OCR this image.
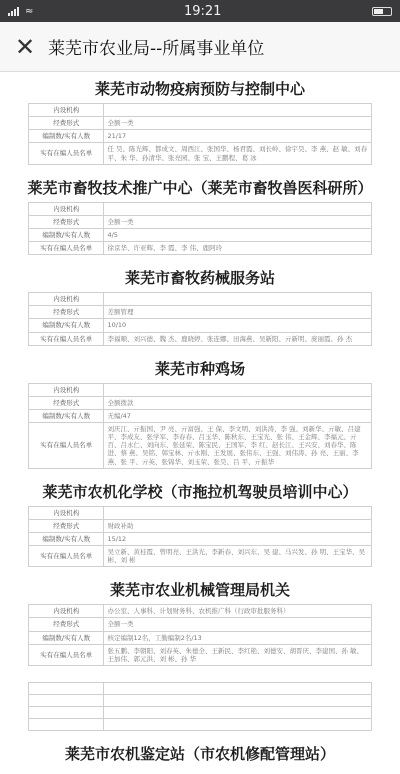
≈	19:21
✕ 莱芜市农业局--所属事业单位
莱芜市动物疫病预防与控制中心
内设机构	
经费形式	全额一类
编制数/实有人数	21/17
实有在编人员名单	任 昊、陈光辉、都成文、周西江、张国华、杨君霞、刘长岭、徐宇昊、李 燕、赵 敏、刘春平、朱 华、孙清华、张亮园、张 宝、王鹏程、葛 冰
莱芜市畜牧技术推广中心（莱芜市畜牧兽医科研所）
内设机构	
经费形式	全额一类
编制数/实有人数	4/5
实有在编人员名单	徐京华、许亚辉、李 霞、李 伟、鹿阿玲
莱芜市畜牧药械服务站
内设机构	
经费形式	差额管理
编制数/实有人数	10/10
实有在编人员名单	李福顺、刘兴德、魏 杰、鹿晓婷、张连娜、田海燕、吴新阳、亓新明、庞丽霞、孙 杰
莱芜市种鸡场
内设机构	
经费形式	全额拨款
编制数/实有人数	无编/47
实有在编人员名单	刘庆江、亓振国、尹 亮、亓富强、王 保、李文明、刘洪涛、李 强、刘新华、亓敏、吕建平、李成友、张学军、李春春、吕玉华、陈秋东、王宝光、张 伟、王金辉、李福元、亓百、吕永仁、刘向东、张延荣、陈宝民、王国军、李 红、赵长江、王兴安、刘春华、陈进、蔡 燕、吴铭、韩宝林、亓永刚、王发展、张伟东、王强、刘伟涛、孙 亮、王丽、李 燕、张 平、亓英、张锦华、刘玉荣、张昊、吕 平、亓振华
莱芜市农机化学校（市拖拉机驾驶员培训中心）
内设机构	
经费形式	财政补助
编制数/实有人数	15/12
实有在编人员名单	吴立新、黄桂霞、曾明亮、王洪光、李新春、刘兴东、吴 建、马兴发、孙 明、王宝华、吴 彬、刘 彬
莱芜市农业机械管理局机关
内设机构	办公室、人事科、计划财务科、农机推广科（行政审批服务科）
经费形式	全额一类
编制数/实有人数	核定编制12名，工勤编制2名/13
实有在编人员名单	张五鹏、李朝阳、刘春英、朱德全、王新民、李红艳、刘德安、胡晋庆、李建国、孙 敏、王加伟、郭元洪、刘 彬、孙 华

莱芜市农机鉴定站（市农机修配管理站）
